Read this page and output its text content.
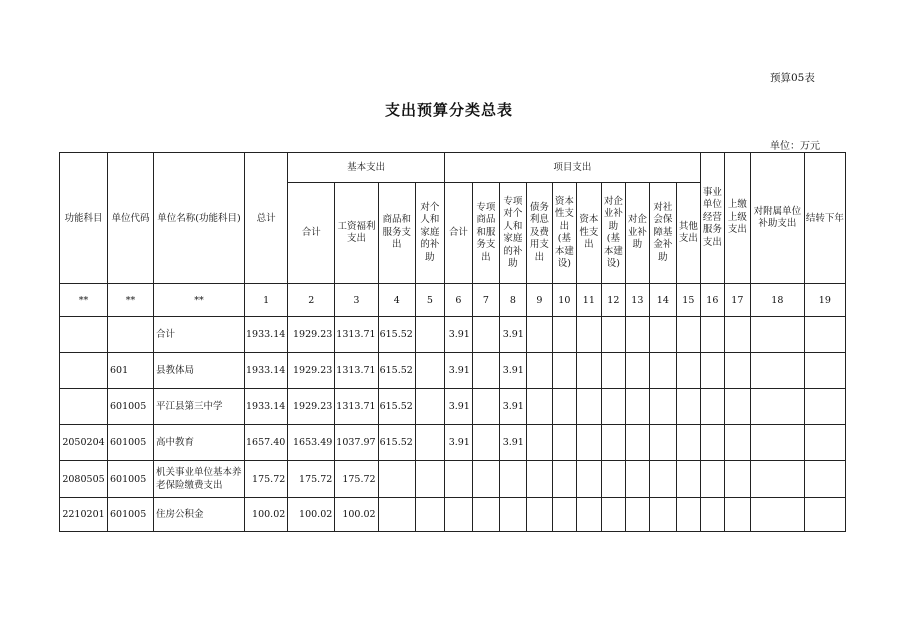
预算05表
支出预算分类总表
单位：万元
功能科目	单位代码	单位名称(功能科目)	总计	基本支出				项目支出										事业单位经营服务支出	上缴上级支出	对附属单位补助支出	结转下年
				合计	工资福利支出	商品和服务支出	对个人和家庭的补助	合计	专项商品和服务支出	专项对个人和家庭的补助	债务利息及费用支出	资本性支出(基本建设)	资本性支出	对企业补助(基本建设)	对企业补助	对社会保障基金补助	其他支出				
**	**	**	1	2	3	4	5	6	7	8	9	10	11	12	13	14	15	16	17	18	19
		合计	1933.14	1929.23	1313.71	615.52		3.91		3.91											
	601	县教体局	1933.14	1929.23	1313.71	615.52		3.91		3.91											
	601005	平江县第三中学	1933.14	1929.23	1313.71	615.52		3.91		3.91											
2050204	601005	高中教育	1657.40	1653.49	1037.97	615.52		3.91		3.91											
2080505	601005	机关事业单位基本养老保险缴费支出	175.72	175.72	175.72																
2210201	601005	住房公积金	100.02	100.02	100.02																
